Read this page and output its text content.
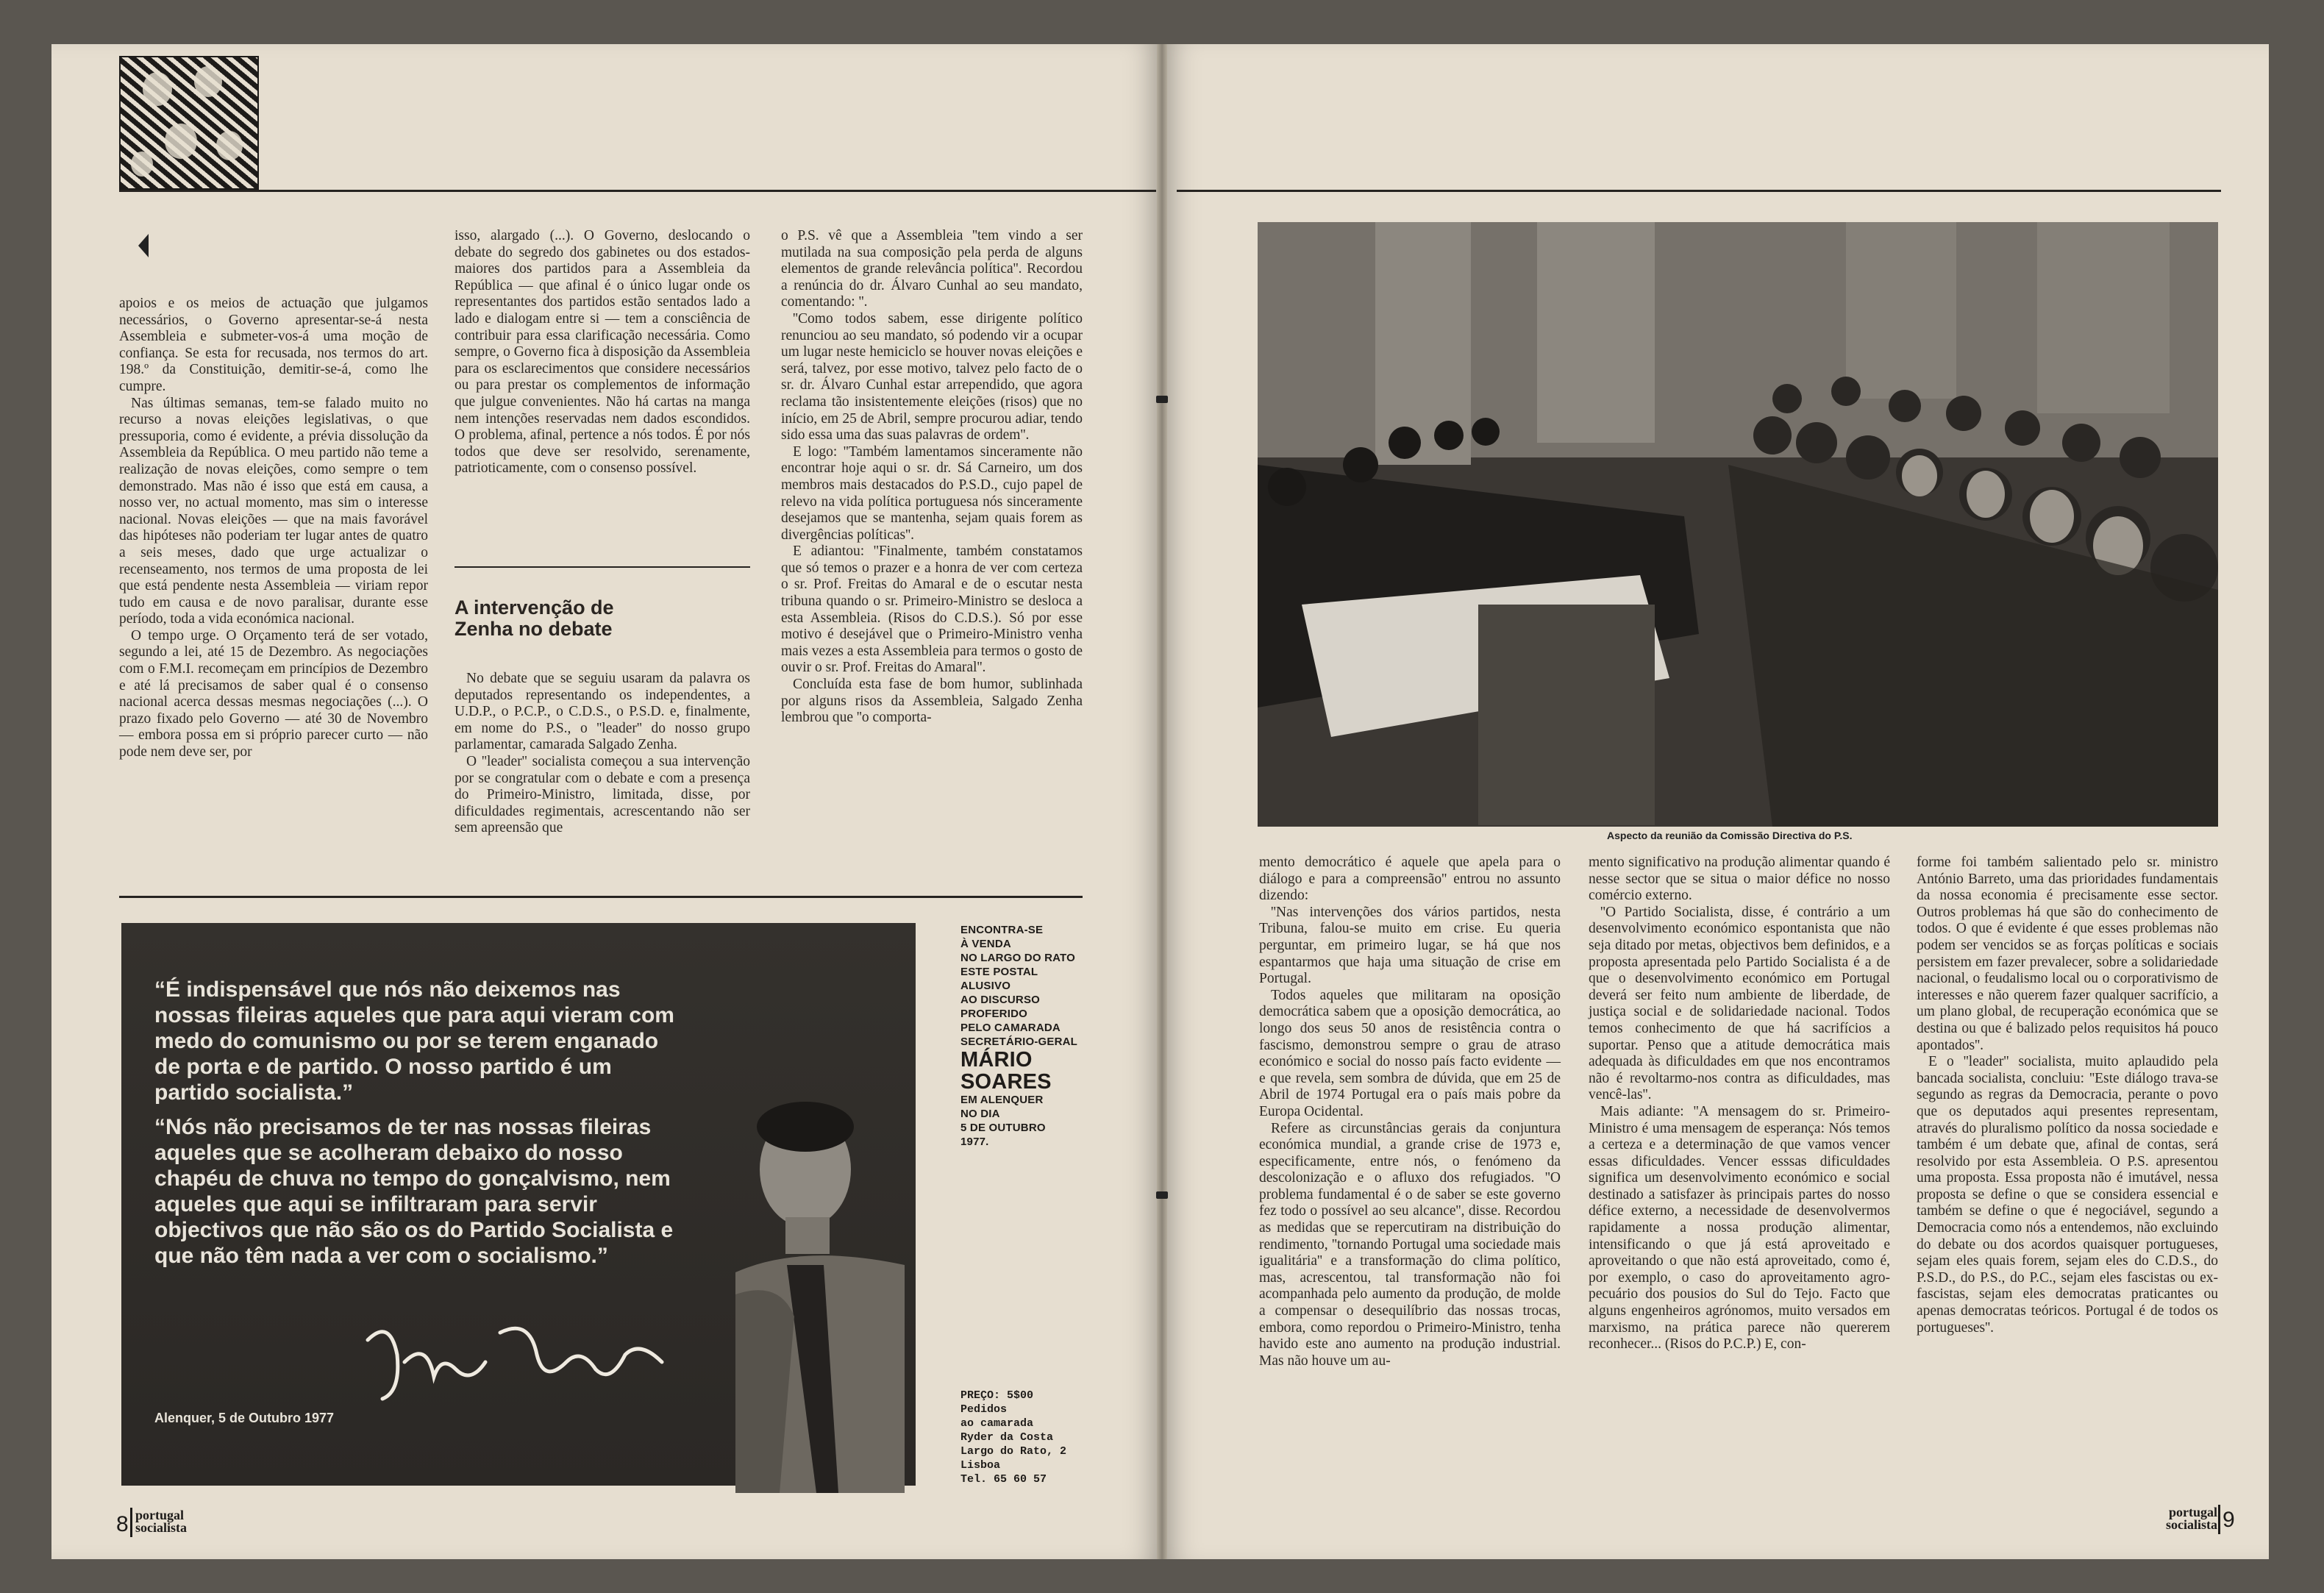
apoios e os meios de actuação que julgamos necessários, o Governo apresentar-se-á nesta Assembleia e submeter-vos-á uma moção de confiança. Se esta for recusada, nos termos do art. 198.º da Constituição, demitir-se-á, como lhe cumpre.

Nas últimas semanas, tem-se falado muito no recurso a novas eleições legislativas, o que pressuporia, como é evidente, a prévia dissolução da Assembleia da República. O meu partido não teme a realização de novas eleições, como sempre o tem demonstrado. Mas não é isso que está em causa, a nosso ver, no actual momento, mas sim o interesse nacional. Novas eleições — que na mais favorável das hipóteses não poderiam ter lugar antes de quatro a seis meses, dado que urge actualizar o recenseamento, nos termos de uma proposta de lei que está pendente nesta Assembleia — viriam repor tudo em causa e de novo paralisar, durante esse período, toda a vida económica nacional.

O tempo urge. O Orçamento terá de ser votado, segundo a lei, até 15 de Dezembro. As negociações com o F.M.I. recomeçam em princípios de Dezembro e até lá precisamos de saber qual é o consenso nacional acerca dessas mesmas negociações (...). O prazo fixado pelo Governo — até 30 de Novembro — embora possa em si próprio parecer curto — não pode nem deve ser, por

isso, alargado (...). O Governo, deslocando o debate do segredo dos gabinetes ou dos estados-maiores dos partidos para a Assembleia da República — que afinal é o único lugar onde os representantes dos partidos estão sentados lado a lado e dialogam entre si — tem a consciência de contribuir para essa clarificação necessária. Como sempre, o Governo fica à disposição da Assembleia para os esclarecimentos que considere necessários ou para prestar os complementos de informação que julgue convenientes. Não há cartas na manga nem intenções reservadas nem dados escondidos. O problema, afinal, pertence a nós todos. É por nós todos que deve ser resolvido, serenamente, patrioticamente, com o consenso possível.

A intervenção de Zenha no debate

No debate que se seguiu usaram da palavra os deputados representando os independentes, a U.D.P., o P.C.P., o C.D.S., o P.S.D. e, finalmente, em nome do P.S., o ''leader'' do nosso grupo parlamentar, camarada Salgado Zenha.

O ''leader'' socialista começou a sua intervenção por se congratular com o debate e com a presença do Primeiro-Ministro, limitada, disse, por dificuldades regimentais, acrescentando não ser sem apreensão que

o P.S. vê que a Assembleia ''tem vindo a ser mutilada na sua composição pela perda de alguns elementos de grande relevância política''. Recordou a renúncia do dr. Álvaro Cunhal ao seu mandato, comentando: ''.

''Como todos sabem, esse dirigente político renunciou ao seu mandato, só podendo vir a ocupar um lugar neste hemiciclo se houver novas eleições e será, talvez, por esse motivo, talvez pelo facto de o sr. dr. Álvaro Cunhal estar arrependido, que agora reclama tão insistentemente eleições (risos) que no início, em 25 de Abril, sempre procurou adiar, tendo sido essa uma das suas palavras de ordem''.

E logo: ''Também lamentamos sinceramente não encontrar hoje aqui o sr. dr. Sá Carneiro, um dos membros mais destacados do P.S.D., cujo papel de relevo na vida política portuguesa nós sinceramente desejamos que se mantenha, sejam quais forem as divergências políticas''.

E adiantou: ''Finalmente, também constatamos que só temos o prazer e a honra de ver com certeza o sr. Prof. Freitas do Amaral e de o escutar nesta tribuna quando o sr. Primeiro-Ministro se desloca a esta Assembleia. (Risos do C.D.S.). Só por esse motivo é desejável que o Primeiro-Ministro venha mais vezes a esta Assembleia para termos o gosto de ouvir o sr. Prof. Freitas do Amaral''.

Concluída esta fase de bom humor, sublinhada por alguns risos da Assembleia, Salgado Zenha lembrou que ''o comporta-

“É indispensável que nós não deixemos nas nossas fileiras aqueles que para aqui vieram com medo do comunismo ou por se terem enganado de porta e de partido. O nosso partido é um partido socialista.”
“Nós não precisamos de ter nas nossas fileiras aqueles que se acolheram debaixo do nosso chapéu de chuva no tempo do gonçalvismo, nem aqueles que aqui se infiltraram para servir objectivos que não são os do Partido Socialista e que não têm nada a ver com o socialismo.”
Alenquer, 5 de Outubro 1977
ENCONTRA-SE
À VENDA
NO LARGO DO RATO
ESTE POSTAL
ALUSIVO
AO DISCURSO
PROFERIDO
PELO CAMARADA
SECRETÁRIO-GERAL
MÁRIO
SOARES
EM ALENQUER
NO DIA
5 DE OUTUBRO
1977.
PREÇO: 5$00
Pedidos
ao camarada
Ryder da Costa
Largo do Rato, 2
Lisboa
Tel. 65 60 57
8 portugal socialista
Aspecto da reunião da Comissão Directiva do P.S.

mento democrático é aquele que apela para o diálogo e para a compreensão'' entrou no assunto dizendo:

''Nas intervenções dos vários partidos, nesta Tribuna, falou-se muito em crise. Eu queria perguntar, em primeiro lugar, se há que nos espantarmos que haja uma situação de crise em Portugal.

Todos aqueles que militaram na oposição democrática sabem que a oposição democrática, ao longo dos seus 50 anos de resistência contra o fascismo, demonstrou sempre o grau de atraso económico e social do nosso país facto evidente — e que revela, sem sombra de dúvida, que em 25 de Abril de 1974 Portugal era o país mais pobre da Europa Ocidental.

Refere as circunstâncias gerais da conjuntura económica mundial, a grande crise de 1973 e, especificamente, entre nós, o fenómeno da descolonização e o afluxo dos refugiados. ''O problema fundamental é o de saber se este governo fez todo o possível ao seu alcance'', disse. Recordou as medidas que se repercutiram na distribuição do rendimento, ''tornando Portugal uma sociedade mais igualitária'' e a transformação do clima político, mas, acrescentou, tal transformação não foi acompanhada pelo aumento da produção, de molde a compensar o desequilíbrio das nossas trocas, embora, como repordou o Primeiro-Ministro, tenha havido este ano aumento na produção industrial. Mas não houve um au-

mento significativo na produção alimentar quando é nesse sector que se situa o maior défice no nosso comércio externo.

''O Partido Socialista, disse, é contrário a um desenvolvimento económico espontanista que não seja ditado por metas, objectivos bem definidos, e a proposta apresentada pelo Partido Socialista é a de que o desenvolvimento económico em Portugal deverá ser feito num ambiente de liberdade, de justiça social e de solidariedade nacional. Todos temos conhecimento de que há sacrifícios a suportar. Penso que a atitude democrática mais adequada às dificuldades em que nos encontramos não é revoltarmo-nos contra as dificuldades, mas vencê-las''.

Mais adiante: ''A mensagem do sr. Primeiro-Ministro é uma mensagem de esperança: Nós temos a certeza e a determinação de que vamos vencer essas dificuldades. Vencer esssas dificuldades significa um desenvolvimento económico e social destinado a satisfazer às principais partes do nosso défice externo, a necessidade de desenvolvermos rapidamente a nossa produção alimentar, intensificando o que já está aproveitado e aproveitando o que não está aproveitado, como é, por exemplo, o caso do aproveitamento agro-pecuário dos pousios do Sul do Tejo. Facto que alguns engenheiros agrónomos, muito versados em marxismo, na prática parece não quererem reconhecer... (Risos do P.C.P.) E, con-

forme foi também salientado pelo sr. ministro António Barreto, uma das prioridades fundamentais da nossa economia é precisamente esse sector. Outros problemas há que são do conhecimento de todos. O que é evidente é que esses problemas não podem ser vencidos se as forças políticas e sociais persistem em fazer prevalecer, sobre a solidariedade nacional, o feudalismo local ou o corporativismo de interesses e não querem fazer qualquer sacrifício, a um plano global, de recuperação económica que se destina ou que é balizado pelos requisitos há pouco apontados''.

E o ''leader'' socialista, muito aplaudido pela bancada socialista, concluiu: ''Este diálogo trava-se segundo as regras da Democracia, perante o povo que os deputados aqui presentes representam, através do pluralismo político da nossa sociedade e também é um debate que, afinal de contas, será resolvido por esta Assembleia. O P.S. apresentou uma proposta. Essa proposta não é imutável, nessa proposta se define o que se considera essencial e também se define o que é negociável, segundo a Democracia como nós a entendemos, não excluindo do debate ou dos acordos quaisquer portugueses, sejam eles quais forem, sejam eles do C.D.S., do P.S.D., do P.S., do P.C., sejam eles fascistas ou ex-fascistas, sejam eles democratas praticantes ou apenas democratas teóricos. Portugal é de todos os portugueses''.

portugal socialista 9
